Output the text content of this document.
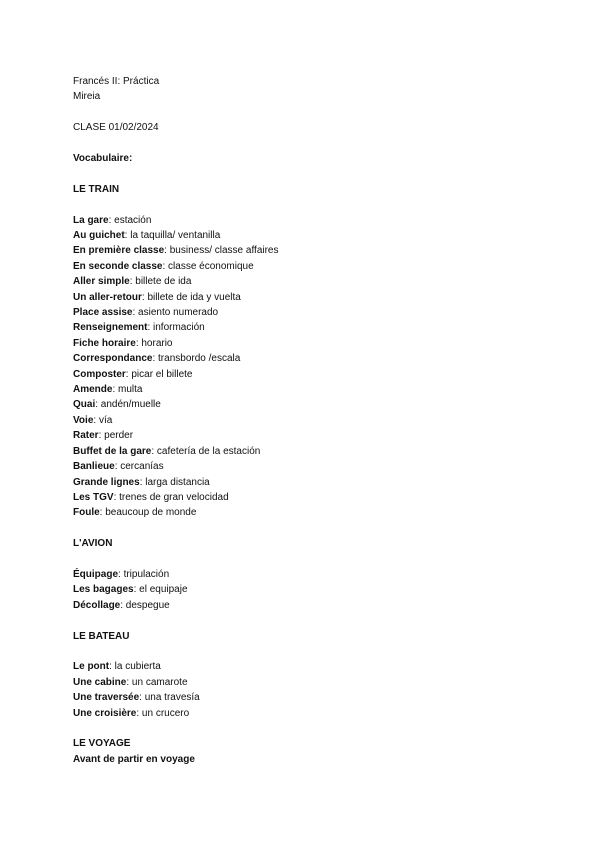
Francés II: Práctica
Mireia
CLASE 01/02/2024
Vocabulaire:
LE TRAIN
La gare: estación
Au guichet: la taquilla/ ventanilla
En première classe: business/ classe affaires
En seconde classe: classe économique
Aller simple: billete de ida
Un aller-retour: billete de ida y vuelta
Place assise: asiento numerado
Renseignement: información
Fiche horaire: horario
Correspondance: transbordo /escala
Composter: picar el billete
Amende: multa
Quai: andén/muelle
Voie: vía
Rater: perder
Buffet de la gare: cafetería de la estación
Banlieue: cercanías
Grande lignes: larga distancia
Les TGV: trenes de gran velocidad
Foule: beaucoup de monde
L'AVION
Équipage: tripulación
Les bagages: el equipaje
Décollage: despegue
LE BATEAU
Le pont: la cubierta
Une cabine: un camarote
Une traversée: una travesía
Une croisière: un crucero
LE VOYAGE
Avant de partir en voyage
